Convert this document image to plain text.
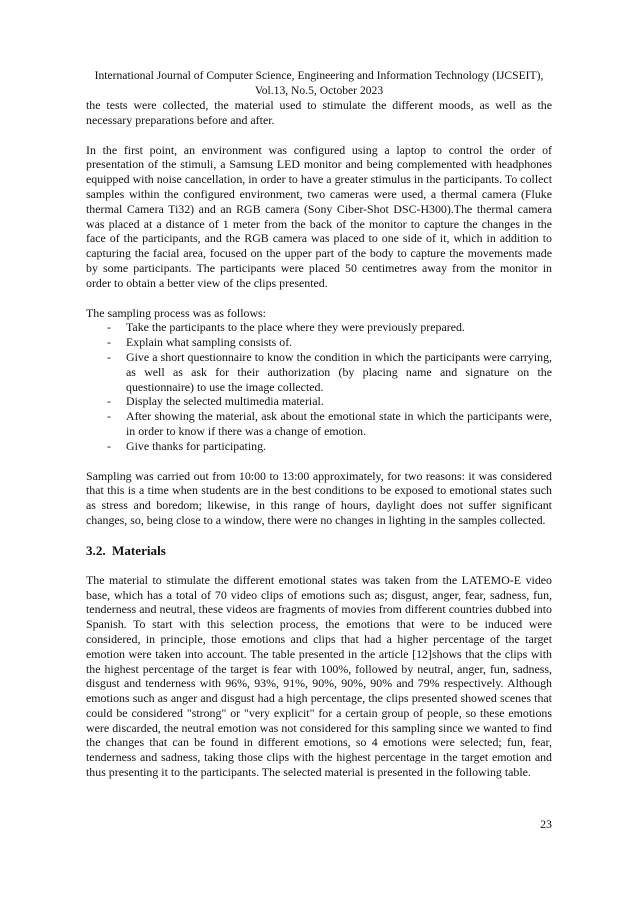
International Journal of Computer Science, Engineering and Information Technology (IJCSEIT),
Vol.13, No.5, October 2023

the tests were collected, the material used to stimulate the different moods, as well as the necessary preparations before and after.

In the first point, an environment was configured using a laptop to control the order of presentation of the stimuli, a Samsung LED monitor and being complemented with headphones equipped with noise cancellation, in order to have a greater stimulus in the participants. To collect samples within the configured environment, two cameras were used, a thermal camera (Fluke thermal Camera Ti32) and an RGB camera (Sony Ciber-Shot DSC-H300).The thermal camera was placed at a distance of 1 meter from the back of the monitor to capture the changes in the face of the participants, and the RGB camera was placed to one side of it, which in addition to capturing the facial area, focused on the upper part of the body to capture the movements made by some participants. The participants were placed 50 centimetres away from the monitor in order to obtain a better view of the clips presented.

The sampling process was as follows:

- Take the participants to the place where they were previously prepared.
- Explain what sampling consists of.
- Give a short questionnaire to know the condition in which the participants were carrying, as well as ask for their authorization (by placing name and signature on the questionnaire) to use the image collected.
- Display the selected multimedia material.
- After showing the material, ask about the emotional state in which the participants were, in order to know if there was a change of emotion.
- Give thanks for participating.

Sampling was carried out from 10:00 to 13:00 approximately, for two reasons: it was considered that this is a time when students are in the best conditions to be exposed to emotional states such as stress and boredom; likewise, in this range of hours, daylight does not suffer significant changes, so, being close to a window, there were no changes in lighting in the samples collected.

3.2. Materials

The material to stimulate the different emotional states was taken from the LATEMO-E video base, which has a total of 70 video clips of emotions such as; disgust, anger, fear, sadness, fun, tenderness and neutral, these videos are fragments of movies from different countries dubbed into Spanish. To start with this selection process, the emotions that were to be induced were considered, in principle, those emotions and clips that had a higher percentage of the target emotion were taken into account. The table presented in the article [12]shows that the clips with the highest percentage of the target is fear with 100%, followed by neutral, anger, fun, sadness, disgust and tenderness with 96%, 93%, 91%, 90%, 90%, 90% and 79% respectively. Although emotions such as anger and disgust had a high percentage, the clips presented showed scenes that could be considered "strong" or "very explicit" for a certain group of people, so these emotions were discarded, the neutral emotion was not considered for this sampling since we wanted to find the changes that can be found in different emotions, so 4 emotions were selected; fun, fear, tenderness and sadness, taking those clips with the highest percentage in the target emotion and thus presenting it to the participants. The selected material is presented in the following table.

23
